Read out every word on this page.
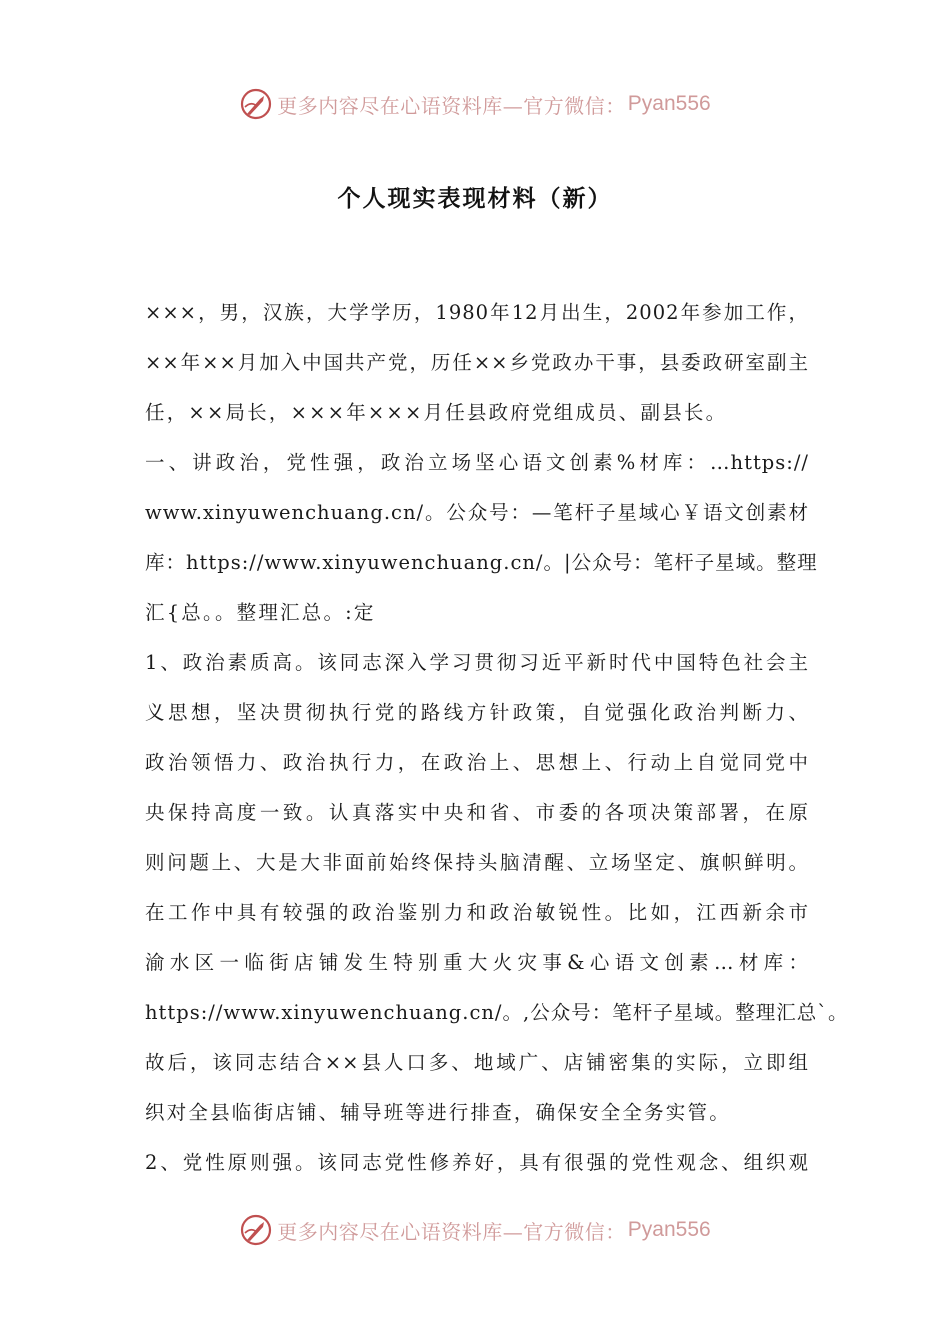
更多内容尽在心语资料库—官方微信： Pyan556
个人现实表现材料（新）
×××，男，汉族，大学学历，1980年12月出生，2002年参加工作，
××年××月加入中国共产党，历任××乡党政办干事，县委政研室副主
任，××局长，×××年×××月任县政府党组成员、副县长。
一、讲政治，党性强，政治立场坚心语文创素%材库：…https://
www.xinyuwenchuang.cn/。公众号：—笔杆子星域心￥语文创素材
库：https://www.xinyuwenchuang.cn/。|公众号：笔杆子星域。整理
汇{总。。整理汇总。:定
1、政治素质高。该同志深入学习贯彻习近平新时代中国特色社会主
义思想，坚决贯彻执行党的路线方针政策，自觉强化政治判断力、
政治领悟力、政治执行力，在政治上、思想上、行动上自觉同党中
央保持高度一致。认真落实中央和省、市委的各项决策部署，在原
则问题上、大是大非面前始终保持头脑清醒、立场坚定、旗帜鲜明。
在工作中具有较强的政治鉴别力和政治敏锐性。比如，江西新余市
渝水区一临街店铺发生特别重大火灾事&心语文创素…材库：
https://www.xinyuwenchuang.cn/。,公众号：笔杆子星域。整理汇总`。
故后，该同志结合××县人口多、地域广、店铺密集的实际，立即组
织对全县临街店铺、辅导班等进行排查，确保安全全务实管。
2、党性原则强。该同志党性修养好，具有很强的党性观念、组织观
更多内容尽在心语资料库—官方微信： Pyan556
